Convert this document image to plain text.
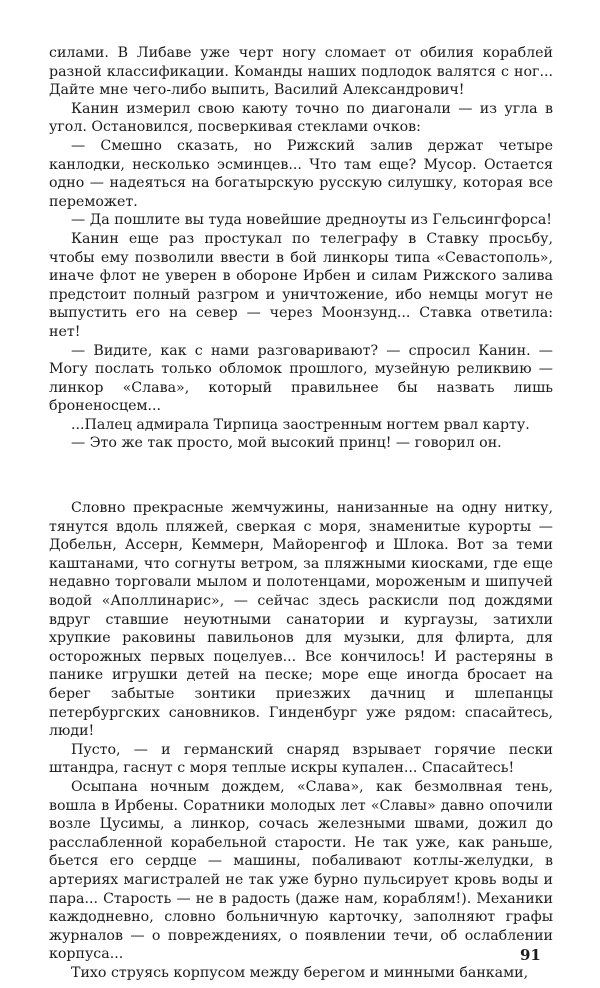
силами. В Либаве уже черт ногу сломает от обилия кораблей разной классификации. Команды наших подлодок валятся с ног... Дайте мне чего-либо выпить, Василий Александрович!

Канин измерил свою каюту точно по диагонали — из угла в угол. Остановился, посверкивая стеклами очков:

— Смешно сказать, но Рижский залив держат четыре канлодки, несколько эсминцев... Что там еще? Мусор. Остается одно — надеяться на богатырскую русскую силушку, которая все переможет.

— Да пошлите вы туда новейшие дредноуты из Гельсингфорса!

Канин еще раз простукал по телеграфу в Ставку просьбу, чтобы ему позволили ввести в бой линкоры типа «Севастополь», иначе флот не уверен в обороне Ирбен и силам Рижского залива предстоит полный разгром и уничтожение, ибо немцы могут не выпустить его на север — через Моонзунд... Ставка ответила: нет!

— Видите, как с нами разговаривают? — спросил Канин. — Могу послать только обломок прошлого, музейную реликвию — линкор «Слава», который правильнее бы назвать лишь броненосцем...

...Палец адмирала Тирпица заостренным ногтем рвал карту.

— Это же так просто, мой высокий принц! — говорил он.

Словно прекрасные жемчужины, нанизанные на одну нитку, тянутся вдоль пляжей, сверкая с моря, знаменитые курорты — Добельн, Ассерн, Кеммерн, Майоренгоф и Шлока. Вот за теми каштанами, что согнуты ветром, за пляжными киосками, где еще недавно торговали мылом и полотенцами, мороженым и шипучей водой «Аполлинарис», — сейчас здесь раскисли под дождями вдруг ставшие неуютными санатории и кургаузы, затихли хрупкие раковины павильонов для музыки, для флирта, для осторожных первых поцелуев... Все кончилось! И растеряны в панике игрушки детей на песке; море еще иногда бросает на берег забытые зонтики приезжих дачниц и шлепанцы петербургских сановников. Гинденбург уже рядом: спасайтесь, люди!

Пусто, — и германский снаряд взрывает горячие пески штандра, гаснут с моря теплые искры купален... Спасайтесь!

Осыпана ночным дождем, «Слава», как безмолвная тень, вошла в Ирбены. Соратники молодых лет «Славы» давно опочили возле Цусимы, а линкор, сочась железными швами, дожил до расслабленной корабельной старости. Не так уже, как раньше, бьется его сердце — машины, побаливают котлы-желудки, в артериях магистралей не так уже бурно пульсирует кровь воды и пара... Старость — не в радость (даже нам, кораблям!). Механики каждодневно, словно больничную карточку, заполняют графы журналов — о повреждениях, о появлении течи, об ослаблении корпуса...

Тихо струясь корпусом между берегом и минными банками,

91
